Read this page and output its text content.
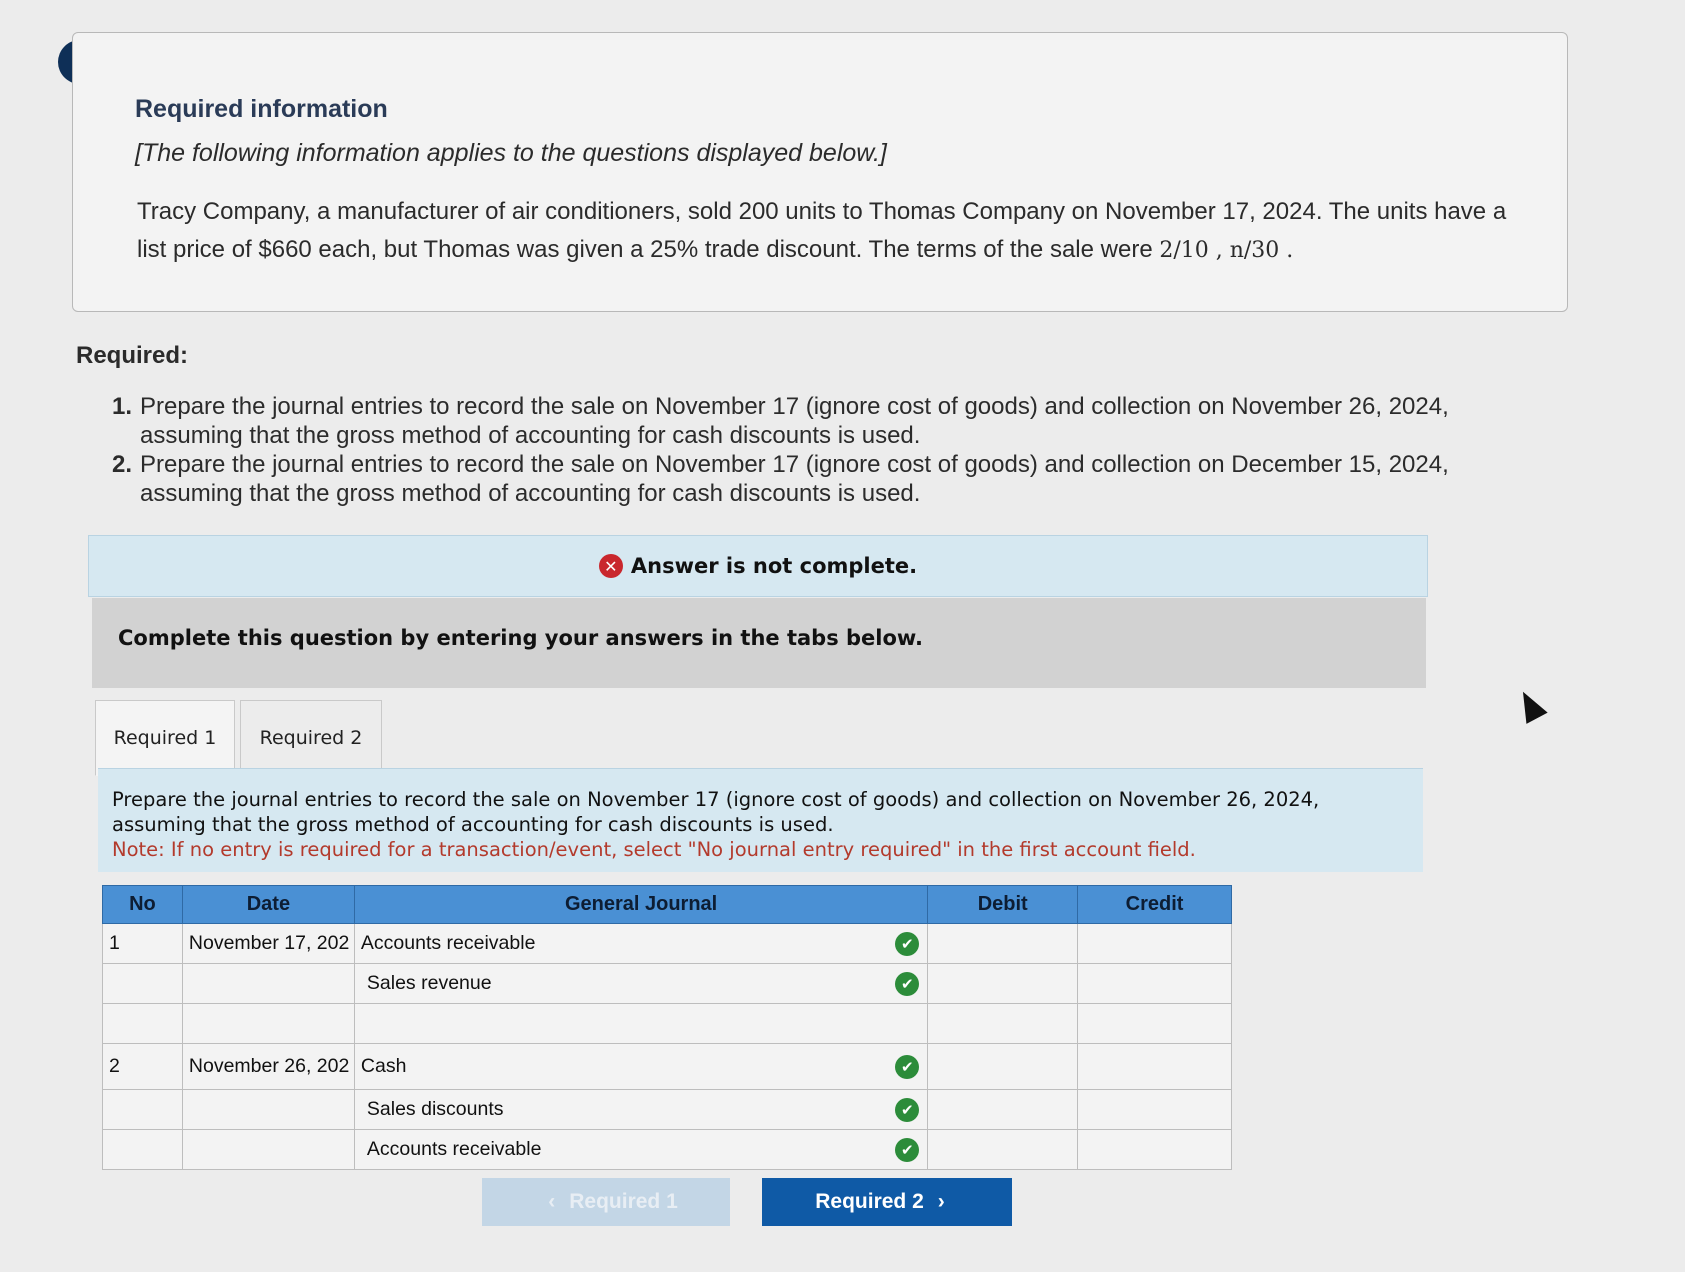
Required information
[The following information applies to the questions displayed below.]
Tracy Company, a manufacturer of air conditioners, sold 200 units to Thomas Company on November 17, 2024. The units have a list price of $660 each, but Thomas was given a 25% trade discount. The terms of the sale were 2/10 , n/30 .
Required:
1. Prepare the journal entries to record the sale on November 17 (ignore cost of goods) and collection on November 26, 2024, assuming that the gross method of accounting for cash discounts is used.
2. Prepare the journal entries to record the sale on November 17 (ignore cost of goods) and collection on December 15, 2024, assuming that the gross method of accounting for cash discounts is used.
✕ Answer is not complete.
Complete this question by entering your answers in the tabs below.
Required 1 Required 2
Prepare the journal entries to record the sale on November 17 (ignore cost of goods) and collection on November 26, 2024, assuming that the gross method of accounting for cash discounts is used.
Note: If no entry is required for a transaction/event, select "No journal entry required" in the first account field.
No	Date	General Journal	Debit	Credit
1	November 17, 202	Accounts receivable ✔		

		Sales revenue ✔		

2	November 26, 202	Cash ✔		

		Sales discounts ✔		

		Accounts receivable ✔		

‹ Required 1	Required 2 ›
